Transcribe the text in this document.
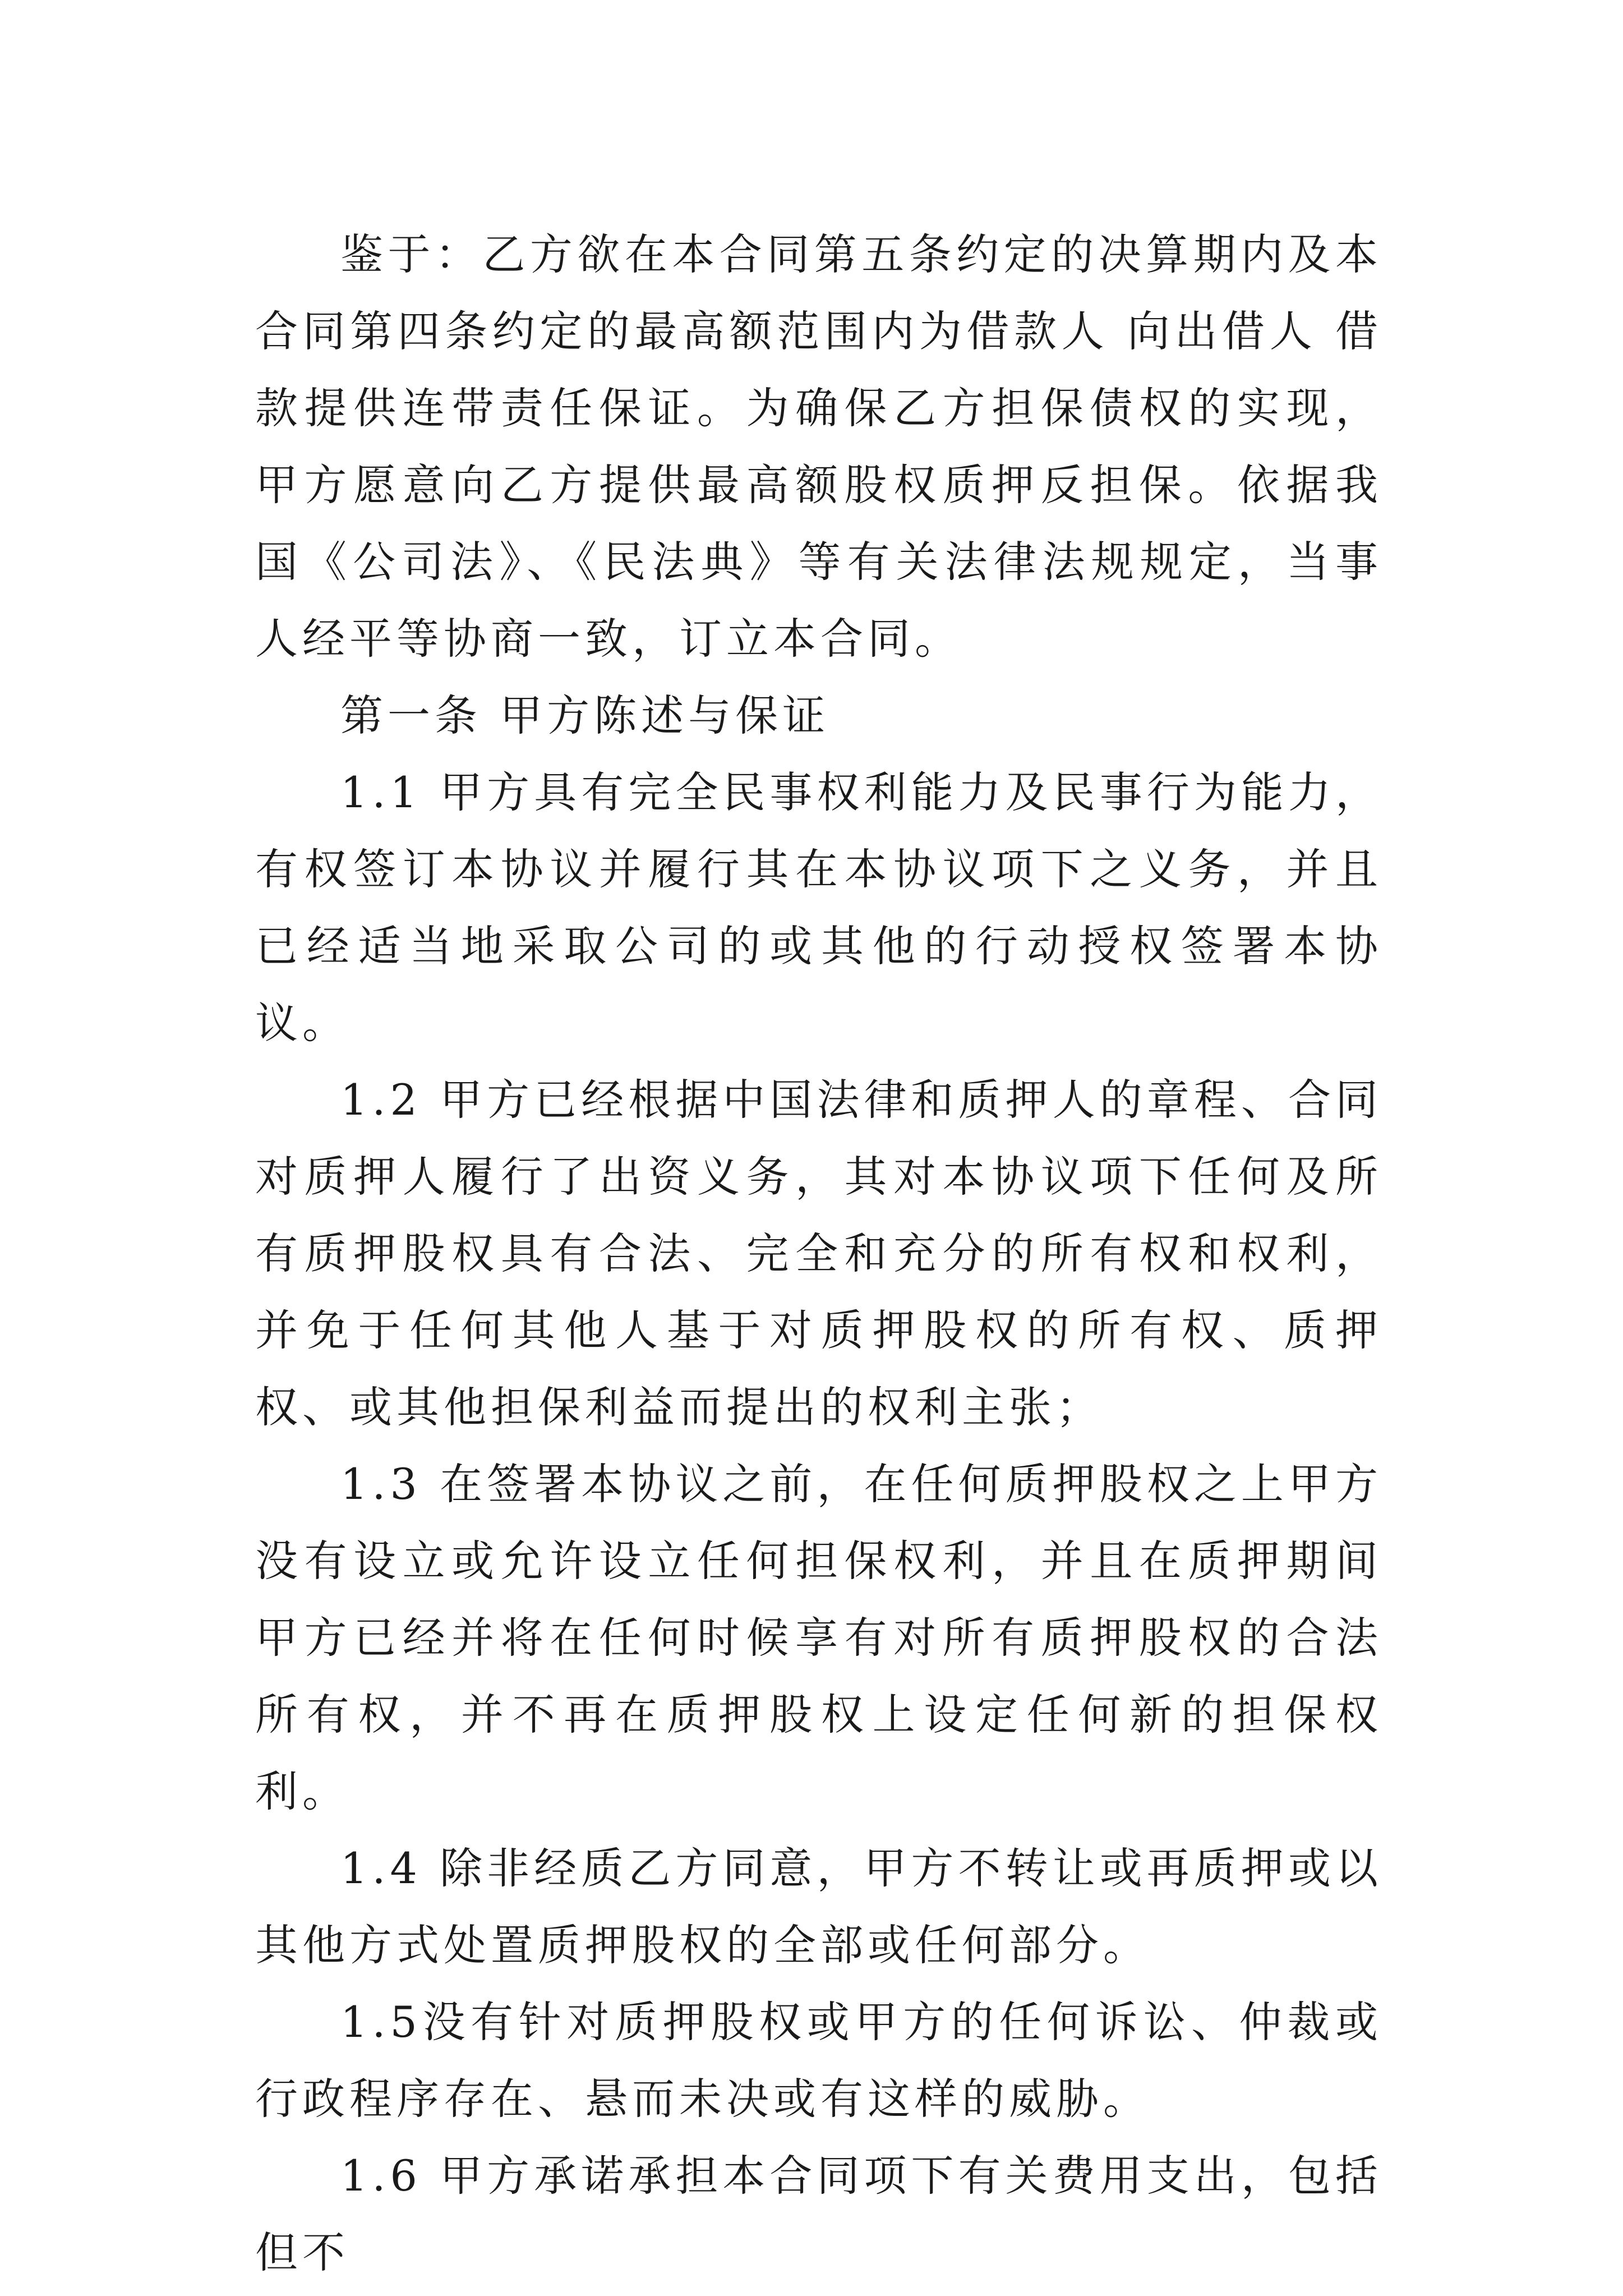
鉴于：乙方欲在本合同第五条约定的决算期内及本合同第四条约定的最高额范围内为借款人 向出借人 借款提供连带责任保证。为确保乙方担保债权的实现，甲方愿意向乙方提供最高额股权质押反担保。依据我国《公司法》、《民法典》等有关法律法规规定，当事人经平等协商一致，订立本合同。

第一条 甲方陈述与保证

1.1 甲方具有完全民事权利能力及民事行为能力，有权签订本协议并履行其在本协议项下之义务，并且已经适当地采取公司的或其他的行动授权签署本协议。

1.2 甲方已经根据中国法律和质押人的章程、合同对质押人履行了出资义务，其对本协议项下任何及所有质押股权具有合法、完全和充分的所有权和权利，并免于任何其他人基于对质押股权的所有权、质押权、或其他担保利益而提出的权利主张；

1.3 在签署本协议之前，在任何质押股权之上甲方没有设立或允许设立任何担保权利，并且在质押期间甲方已经并将在任何时候享有对所有质押股权的合法所有权，并不再在质押股权上设定任何新的担保权利。

1.4 除非经质乙方同意，甲方不转让或再质押或以其他方式处置质押股权的全部或任何部分。

1.5没有针对质押股权或甲方的任何诉讼、仲裁或行政程序存在、悬而未决或有这样的威胁。

1.6 甲方承诺承担本合同项下有关费用支出，包括但不
